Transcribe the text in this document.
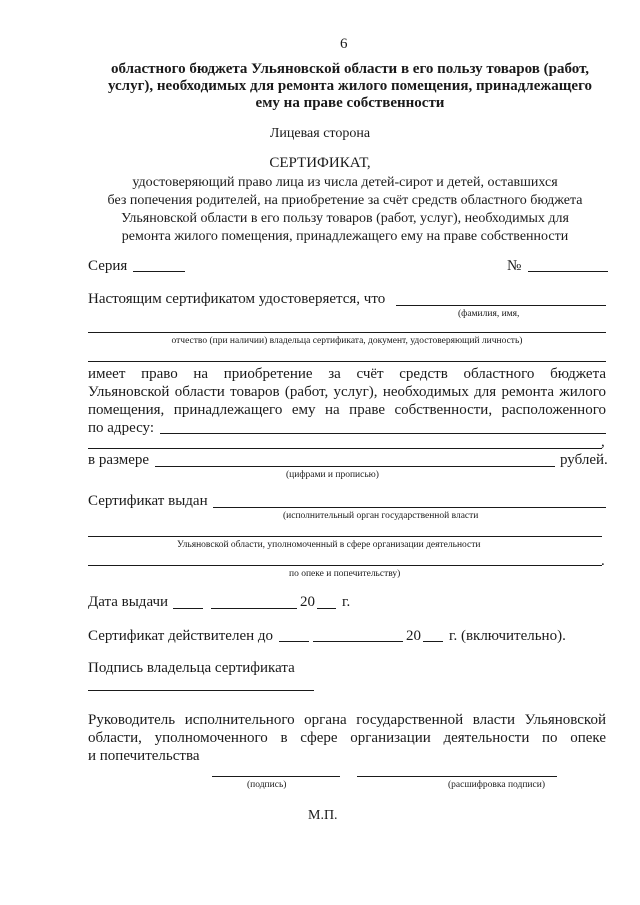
6
областного бюджета Ульяновской области в его пользу товаров (работ,
услуг), необходимых для ремонта жилого помещения, принадлежащего
ему на праве собственности
Лицевая сторона
СЕРТИФИКАТ,
удостоверяющий право лица из числа детей-сирот и детей, оставшихся
без попечения родителей, на приобретение за счёт средств областного бюджета
Ульяновской области в его пользу товаров (работ, услуг), необходимых для
ремонта жилого помещения, принадлежащего ему на праве собственности
Серия	№
Настоящим сертификатом удостоверяется, что
(фамилия, имя,
отчество (при наличии) владельца сертификата, документ, удостоверяющий личность)
имеет право на приобретение за счёт средств областного бюджета
Ульяновской области товаров (работ, услуг), необходимых для ремонта жилого
помещения, принадлежащего ему на праве собственности, расположенного
по адресу:
,
в размере	рублей.
(цифрами и прописью)
Сертификат выдан
(исполнительный орган государственной власти
Ульяновской области, уполномоченный в сфере организации деятельности
.
по опеке и попечительству)
Дата выдачи	20 г.
Сертификат действителен до	20 г. (включительно).
Подпись владельца сертификата
Руководитель исполнительного органа государственной власти Ульяновской
области, уполномоченного в сфере организации деятельности по опеке
и попечительства
(подпись)	(расшифровка подписи)
М.П.
